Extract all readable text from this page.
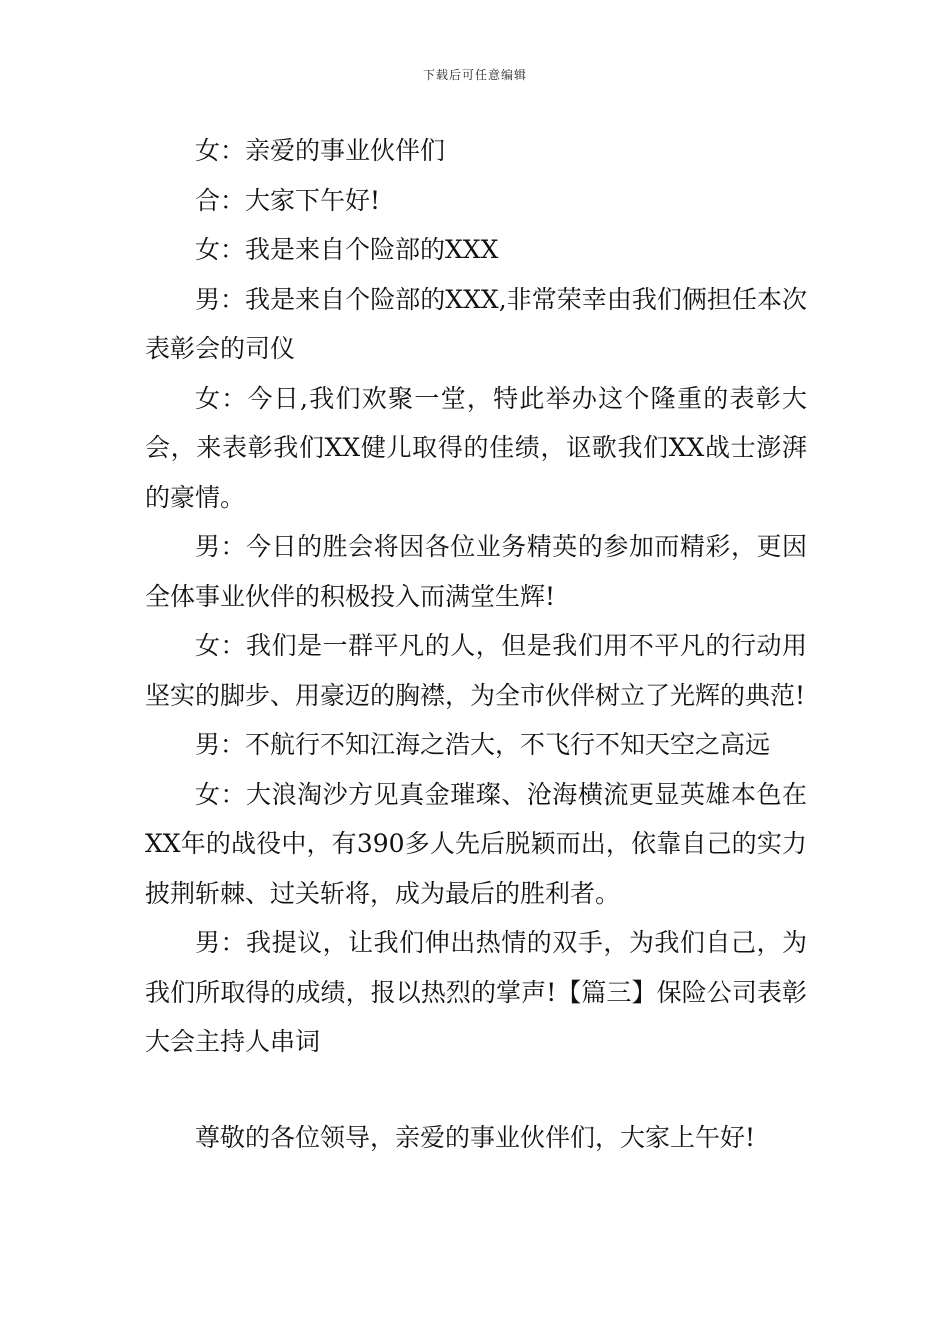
下载后可任意编辑

女：亲爱的事业伙伴们

合：大家下午好!

女：我是来自个险部的XXX

男：我是来自个险部的XXX,非常荣幸由我们俩担任本次表彰会的司仪

女：今日,我们欢聚一堂，特此举办这个隆重的表彰大会，来表彰我们XX健儿取得的佳绩，讴歌我们XX战士澎湃的豪情。

男：今日的胜会将因各位业务精英的参加而精彩，更因全体事业伙伴的积极投入而满堂生辉!

女：我们是一群平凡的人，但是我们用不平凡的行动用坚实的脚步、用豪迈的胸襟，为全市伙伴树立了光辉的典范!

男：不航行不知江海之浩大，不飞行不知天空之高远

女：大浪淘沙方见真金璀璨、沧海横流更显英雄本色在XX年的战役中，有390多人先后脱颖而出，依靠自己的实力披荆斩棘、过关斩将，成为最后的胜利者。

男：我提议，让我们伸出热情的双手，为我们自己，为我们所取得的成绩，报以热烈的掌声!【篇三】保险公司表彰大会主持人串词

尊敬的各位领导，亲爱的事业伙伴们，大家上午好!
